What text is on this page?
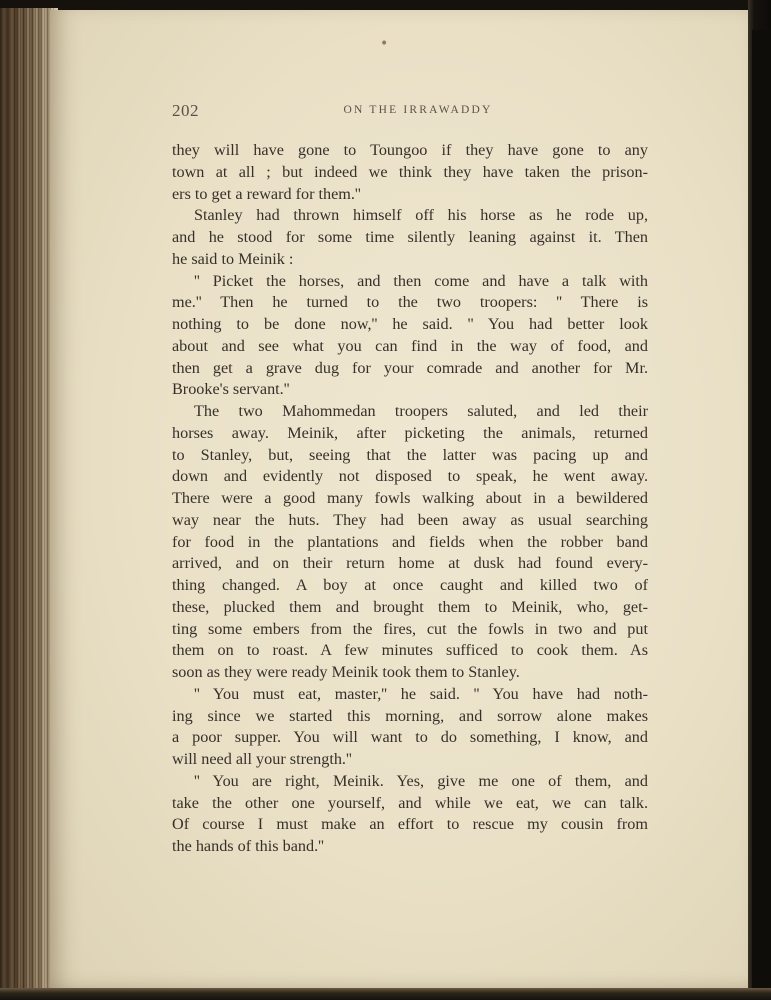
•
202	ON THE IRRAWADDY
they will have gone to Toungoo if they have gone to any
town at all ; but indeed we think they have taken the prison-
ers to get a reward for them.''
Stanley had thrown himself off his horse as he rode up,
and he stood for some time silently leaning against it. Then
he said to Meinik :
'' Picket the horses, and then come and have a talk with
me.'' Then he turned to the two troopers: '' There is
nothing to be done now,'' he said. '' You had better look
about and see what you can find in the way of food, and
then get a grave dug for your comrade and another for Mr.
Brooke's servant.''
The two Mahommedan troopers saluted, and led their
horses away. Meinik, after picketing the animals, returned
to Stanley, but, seeing that the latter was pacing up and
down and evidently not disposed to speak, he went away.
There were a good many fowls walking about in a bewildered
way near the huts. They had been away as usual searching
for food in the plantations and fields when the robber band
arrived, and on their return home at dusk had found every-
thing changed. A boy at once caught and killed two of
these, plucked them and brought them to Meinik, who, get-
ting some embers from the fires, cut the fowls in two and put
them on to roast. A few minutes sufficed to cook them. As
soon as they were ready Meinik took them to Stanley.
'' You must eat, master,'' he said. '' You have had noth-
ing since we started this morning, and sorrow alone makes
a poor supper. You will want to do something, I know, and
will need all your strength.''
'' You are right, Meinik. Yes, give me one of them, and
take the other one yourself, and while we eat, we can talk.
Of course I must make an effort to rescue my cousin from
the hands of this band.''
